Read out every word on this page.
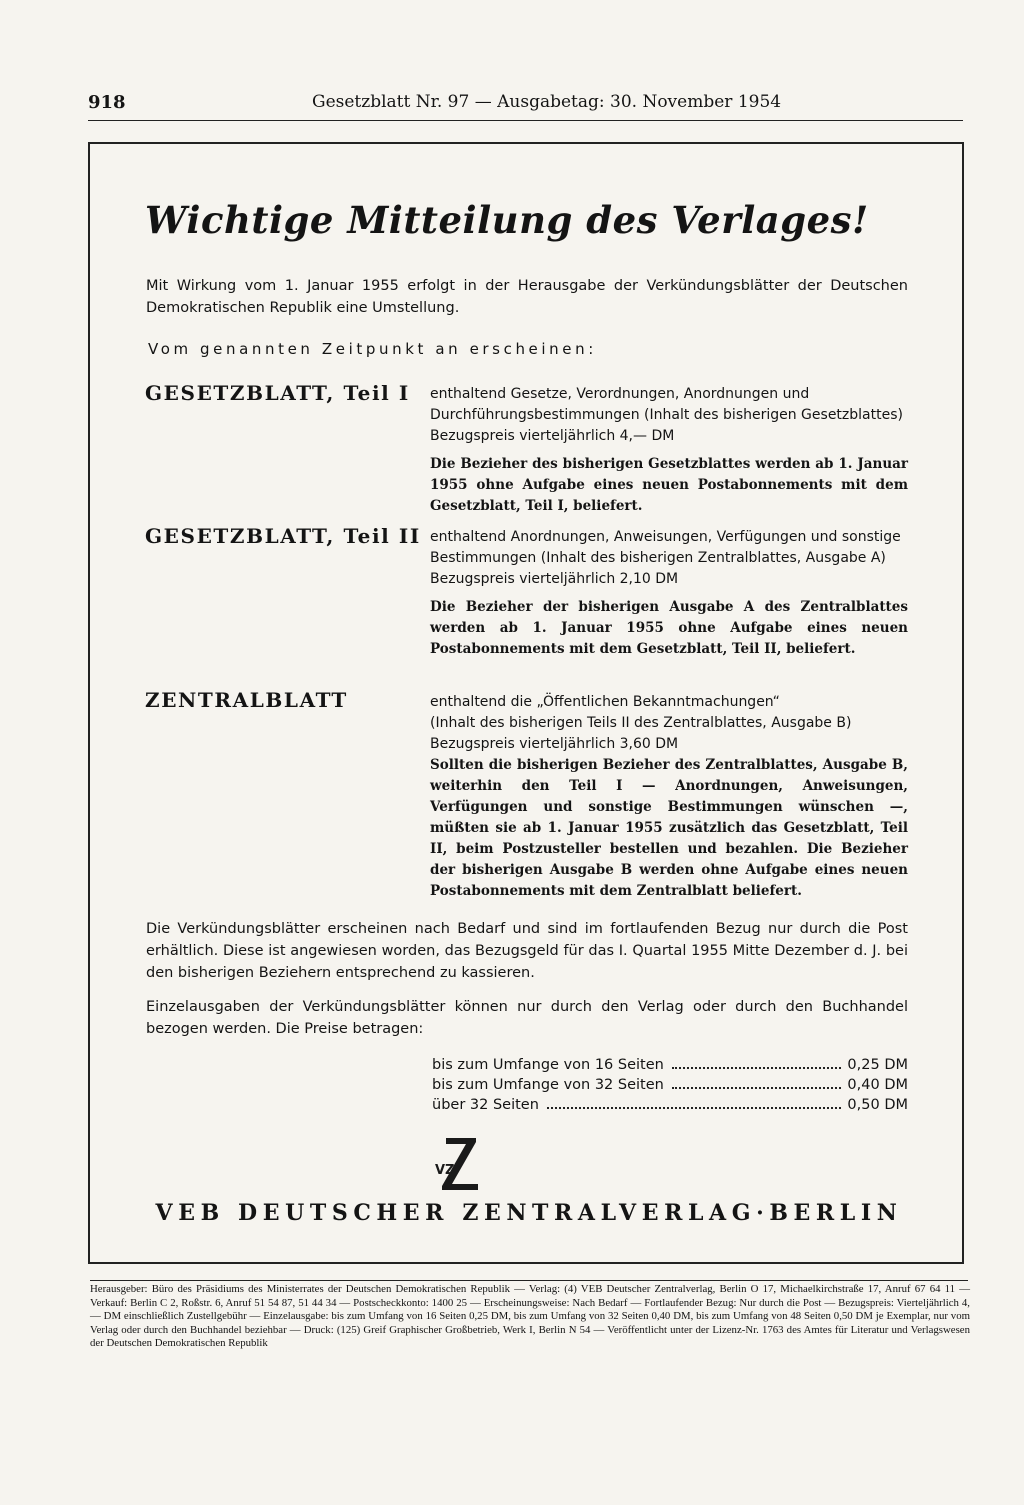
918	Gesetzblatt Nr. 97 — Ausgabetag: 30. November 1954
Wichtige Mitteilung des Verlages!

Mit Wirkung vom 1. Januar 1955 erfolgt in der Herausgabe der Verkündungsblätter der Deutschen Demokratischen Republik eine Umstellung.

Vom genannten Zeitpunkt an erscheinen:
GESETZBLATT, Teil I enthaltend Gesetze, Verordnungen, Anordnungen und Durchführungsbestimmungen (Inhalt des bisherigen Gesetzblattes)
Bezugspreis vierteljährlich 4,— DM

Die Bezieher des bisherigen Gesetzblattes werden ab 1. Januar 1955 ohne Aufgabe eines neuen Postabonnements mit dem Gesetzblatt, Teil I, beliefert.

GESETZBLATT, Teil II enthaltend Anordnungen, Anweisungen, Verfügungen und sonstige Bestimmungen (Inhalt des bisherigen Zentralblattes, Ausgabe A)
Bezugspreis vierteljährlich 2,10 DM

Die Bezieher der bisherigen Ausgabe A des Zentralblattes werden ab 1. Januar 1955 ohne Aufgabe eines neuen Postabonnements mit dem Gesetzblatt, Teil II, beliefert.

ZENTRALBLATT	enthaltend die „Öffentlichen Bekanntmachungen“
(Inhalt des bisherigen Teils II des Zentralblattes, Ausgabe B)
Bezugspreis vierteljährlich 3,60 DM

Sollten die bisherigen Bezieher des Zentralblattes, Ausgabe B, weiterhin den Teil I — Anordnungen, Anweisungen, Verfügungen und sonstige Bestimmungen wünschen —, müßten sie ab 1. Januar 1955 zusätzlich das Gesetzblatt, Teil II, beim Postzusteller bestellen und bezahlen. Die Bezieher der bisherigen Ausgabe B werden ohne Aufgabe eines neuen Postabonnements mit dem Zentralblatt beliefert.

Die Verkündungsblätter erscheinen nach Bedarf und sind im fortlaufenden Bezug nur durch die Post erhältlich. Diese ist angewiesen worden, das Bezugsgeld für das I. Quartal 1955 Mitte Dezember d. J. bei den bisherigen Beziehern entsprechend zu kassieren.

Einzelausgaben der Verkündungsblätter können nur durch den Verlag oder durch den Buchhandel bezogen werden. Die Preise betragen:

bis zum Umfange von 16 Seiten	0,25 DM
bis zum Umfange von 32 Seiten	0,40 DM
über 32 Seiten	0,50 DM
VZ
VEB DEUTSCHER ZENTRALVERLAG·BERLIN

Herausgeber: Büro des Präsidiums des Ministerrates der Deutschen Demokratischen Republik — Verlag: (4) VEB Deutscher Zentralverlag, Berlin O 17, Michaelkirchstraße 17, Anruf 67 64 11 — Verkauf: Berlin C 2, Roßstr. 6, Anruf 51 54 87, 51 44 34 — Postscheckkonto: 1400 25 — Erscheinungsweise: Nach Bedarf — Fortlaufender Bezug: Nur durch die Post — Bezugspreis: Vierteljährlich 4,— DM einschließlich Zustellgebühr — Einzelausgabe: bis zum Umfang von 16 Seiten 0,25 DM, bis zum Umfang von 32 Seiten 0,40 DM, bis zum Umfang von 48 Seiten 0,50 DM je Exemplar, nur vom Verlag oder durch den Buchhandel beziehbar — Druck: (125) Greif Graphischer Großbetrieb, Werk I, Berlin N 54 — Veröffentlicht unter der Lizenz-Nr. 1763 des Amtes für Literatur und Verlagswesen der Deutschen Demokratischen Republik
